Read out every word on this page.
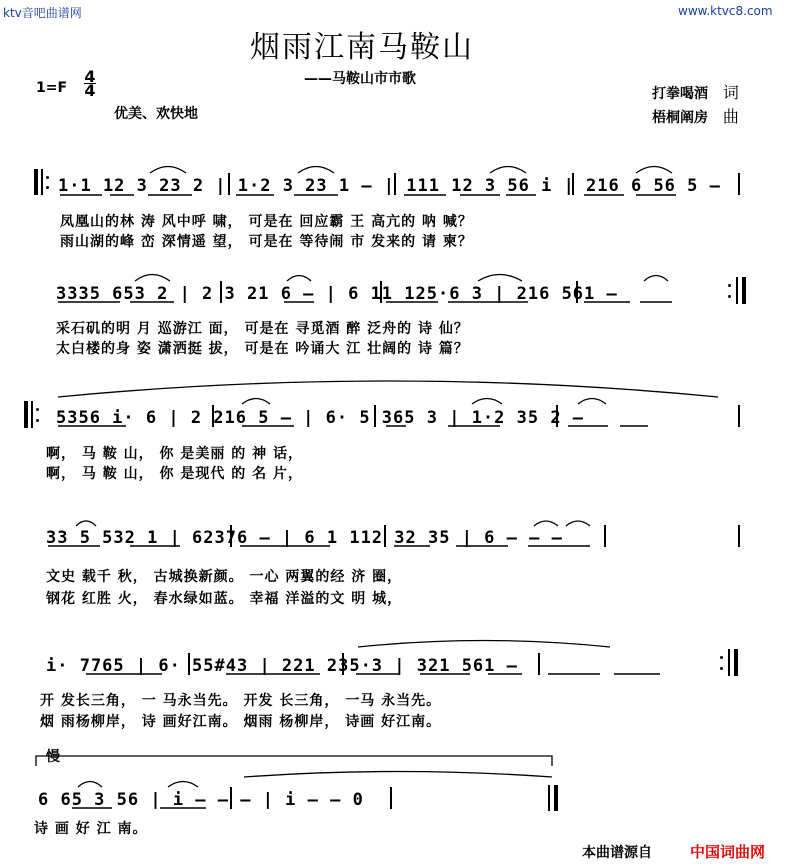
ktv音吧曲谱网	www.ktvc8.com
烟雨江南马鞍山
——马鞍山市市歌
1=F
4
4
优美、欢快地
打拳喝酒 词
梧桐阐房 曲
1·1 12 3 23 2 | 1·2 3 23 1 – | 111 12 3 56 i | 216 6 56 5 –
凤凰山的林 涛 风中呼 啸， 可是在 回应霸 王 高亢的 呐 喊？
雨山湖的峰 峦 深情遥 望， 可是在 等待闹 市 发来的 请 柬？
3335 653 2 | 2 3 21 6 – | 6 11 125·6 3 | 216 561 –
采石矶的明 月 巡游江 面， 可是在 寻觅酒 醉 泛舟的 诗 仙？
太白楼的身 姿 潇洒挺 拔， 可是在 吟诵大 江 壮阔的 诗 篇？
5356 i· 6 | 2 216 5 – | 6· 5 365 3 | 1·2 35 2 –
啊， 马 鞍 山， 你 是美丽 的 神 话，
啊， 马 鞍 山， 你 是现代 的 名 片，
33 5 532 1 | 62376 – | 6 1 112 32 35 | 6 – – –
文史 载千 秋， 古城换新颜。 一心 两翼的经 济 圈，
钢花 红胜 火， 春水绿如蓝。 幸福 洋溢的文 明 城，
i· 7765 | 6· 55#43 | 221 235·3 | 321 561 –
开 发长三角， 一 马永当先。 开发 长三角， 一马 永当先。
烟 雨杨柳岸， 诗 画好江南。 烟雨 杨柳岸， 诗画 好江南。
慢
6 65 3 56 | i – – – | i – – 0
诗 画 好 江 南。
本曲谱源自	中国词曲网
